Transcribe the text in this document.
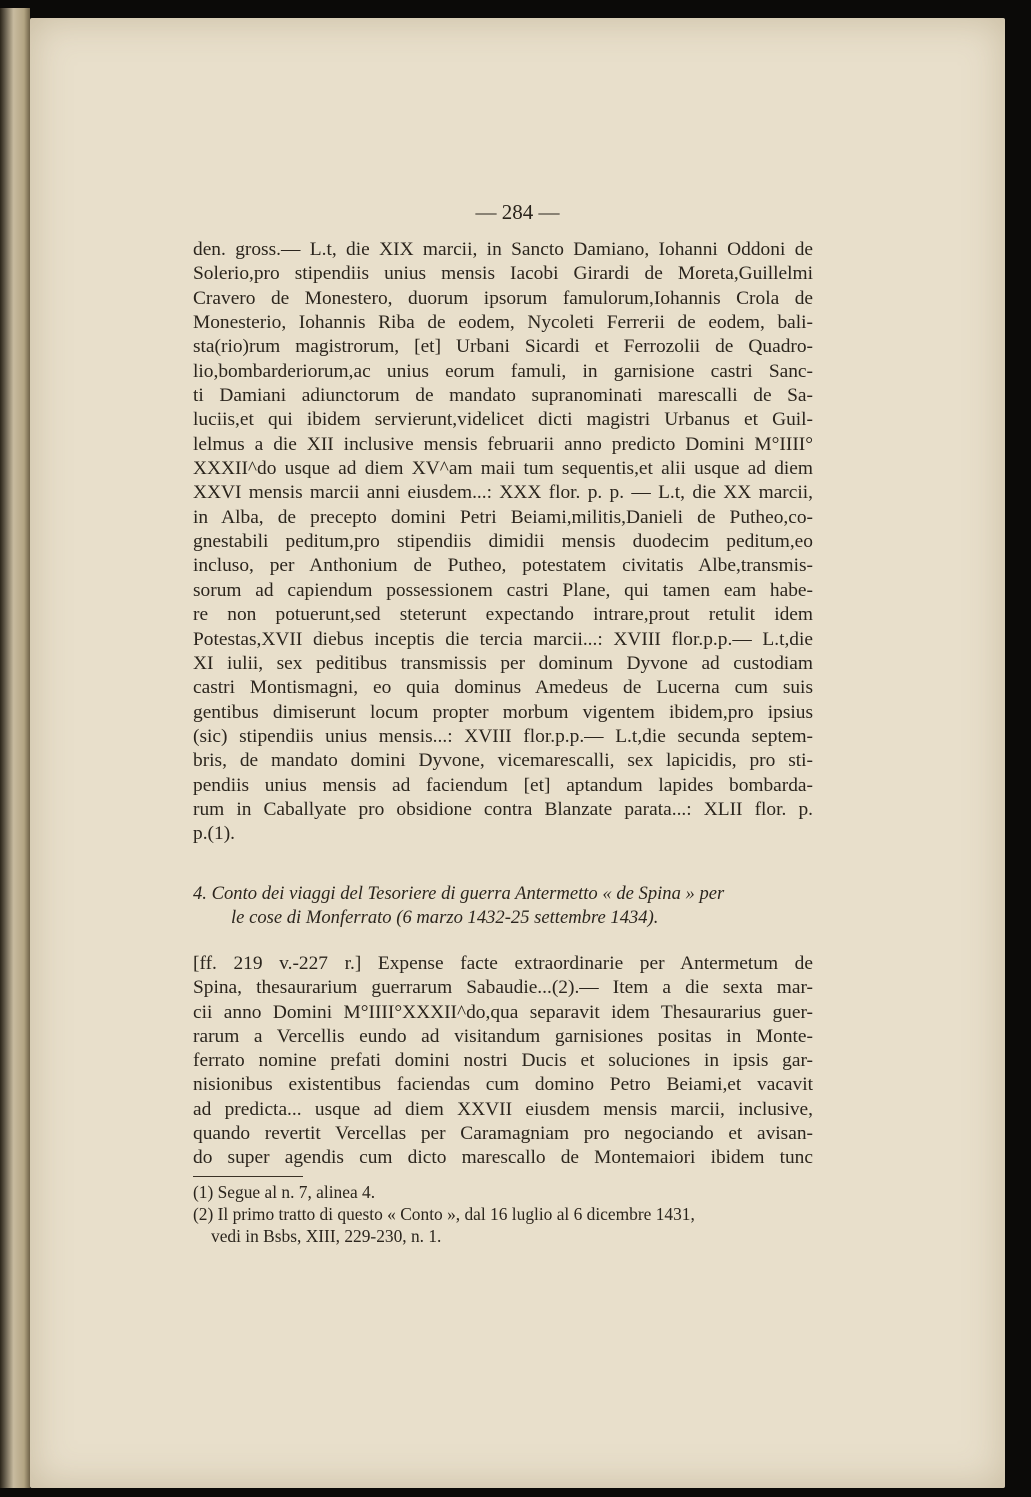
— 284 —
den. gross.— L.t, die XIX marcii, in Sancto Damiano, Iohanni Oddoni de
Solerio,pro stipendiis unius mensis Iacobi Girardi de Moreta,Guillelmi
Cravero de Monestero, duorum ipsorum famulorum,Iohannis Crola de
Monesterio, Iohannis Riba de eodem, Nycoleti Ferrerii de eodem, bali-
sta(rio)rum magistrorum, [et] Urbani Sicardi et Ferrozolii de Quadro-
lio,bombarderiorum,ac unius eorum famuli, in garnisione castri Sanc-
ti Damiani adiunctorum de mandato supranominati marescalli de Sa-
luciis,et qui ibidem servierunt,videlicet dicti magistri Urbanus et Guil-
lelmus a die XII inclusive mensis februarii anno predicto Domini M°IIII°
XXXII^do usque ad diem XV^am maii tum sequentis,et alii usque ad diem
XXVI mensis marcii anni eiusdem...: XXX flor. p. p. — L.t, die XX marcii,
in Alba, de precepto domini Petri Beiami,militis,Danieli de Putheo,co-
gnestabili peditum,pro stipendiis dimidii mensis duodecim peditum,eo
incluso, per Anthonium de Putheo, potestatem civitatis Albe,transmis-
sorum ad capiendum possessionem castri Plane, qui tamen eam habe-
re non potuerunt,sed steterunt expectando intrare,prout retulit idem
Potestas,XVII diebus inceptis die tercia marcii...: XVIII flor.p.p.— L.t,die
XI iulii, sex peditibus transmissis per dominum Dyvone ad custodiam
castri Montismagni, eo quia dominus Amedeus de Lucerna cum suis
gentibus dimiserunt locum propter morbum vigentem ibidem,pro ipsius
(sic) stipendiis unius mensis...: XVIII flor.p.p.— L.t,die secunda septem-
bris, de mandato domini Dyvone, vicemarescalli, sex lapicidis, pro sti-
pendiis unius mensis ad faciendum [et] aptandum lapides bombarda-
rum in Caballyate pro obsidione contra Blanzate parata...: XLII flor. p.
p.(1).
4. Conto dei viaggi del Tesoriere di guerra Antermetto « de Spina » per
le cose di Monferrato (6 marzo 1432-25 settembre 1434).
[ff. 219 v.-227 r.] Expense facte extraordinarie per Antermetum de
Spina, thesaurarium guerrarum Sabaudie...(2).— Item a die sexta mar-
cii anno Domini M°IIII°XXXII^do,qua separavit idem Thesaurarius guer-
rarum a Vercellis eundo ad visitandum garnisiones positas in Monte-
ferrato nomine prefati domini nostri Ducis et soluciones in ipsis gar-
nisionibus existentibus faciendas cum domino Petro Beiami,et vacavit
ad predicta... usque ad diem XXVII eiusdem mensis marcii, inclusive,
quando revertit Vercellas per Caramagniam pro negociando et avisan-
do super agendis cum dicto marescallo de Montemaiori ibidem tunc
(1) Segue al n. 7, alinea 4.
(2) Il primo tratto di questo « Conto », dal 16 luglio al 6 dicembre 1431,
vedi in Bsbs, XIII, 229-230, n. 1.
